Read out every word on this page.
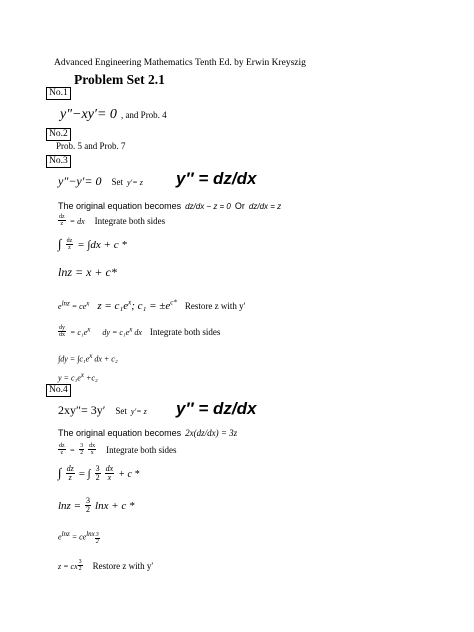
Advanced Engineering Mathematics Tenth Ed. by Erwin Kreyszig
Problem Set 2.1
No.1
y″−xy′= 0 , and Prob. 4
No.2
Prob. 5 and Prob. 7
No.3
y″−y′= 0 Set y′= z y″ = dz/dx
The original equation becomes dz/dx − z = 0 Or dz/dx = z
$\frac{dz}{z}$ = dx Integrate both sides
∫ $\frac{dz}{z} = \int dx + c$ *
lnz = x + c*
elnz = cex $z = c_1e^x$; $c_1 = \pm e^{c*}$ Restore z with y′
$\frac{dy}{dx} = c_1ex$ dy = c₁ex dx Integrate both sides
∫dy = ∫c₁ex dx + c₂
y = c₁ex +c₂
No.4
2xy″= 3y′ Set y′= z y″ = dz/dx
The original equation becomes 2x(dz/dx) = 3z
$\frac{dz}{z} = \frac{3}{2}$
$\frac{dx}{x}$ Integrate both sides
∫ $\frac{dz}{z}$ = ∫ $\frac{3}{2}$
$\frac{dx}{x} + c$ *
$\ln z = \frac{3}{2}$ lnx + c *
elnz = celnx $\frac{3}{2}$
z = cx $\frac{3}{2}$ Restore z with y′
